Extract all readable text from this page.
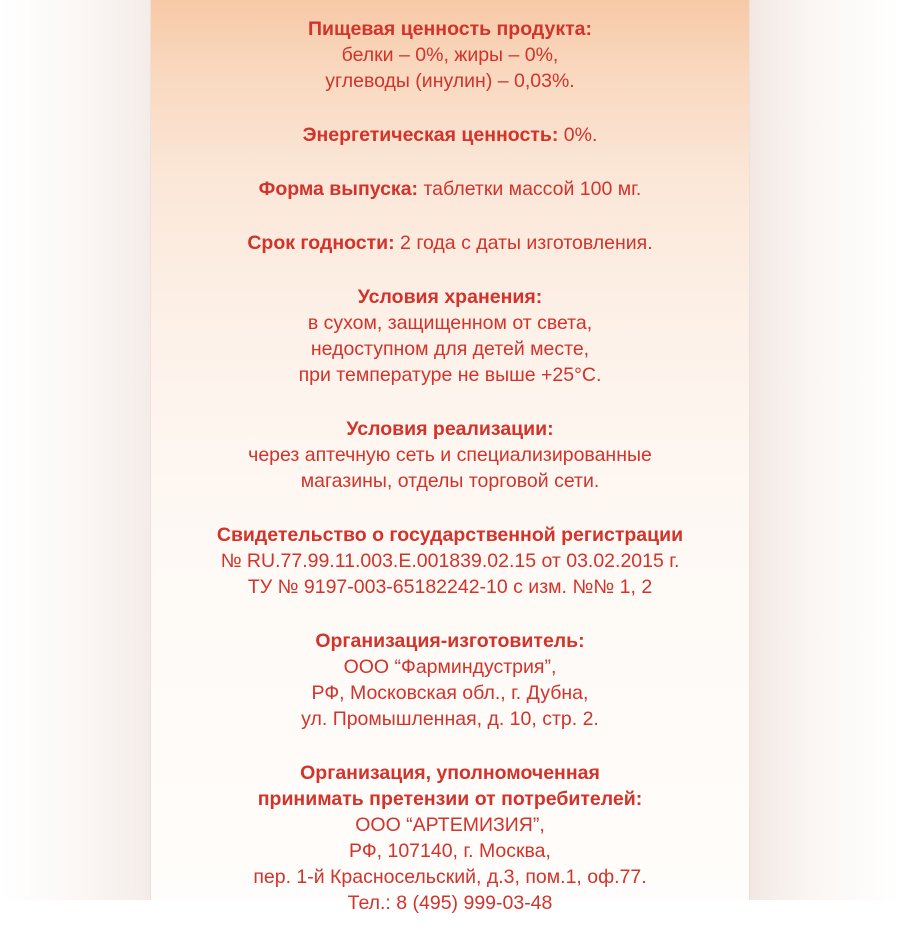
Пищевая ценность продукта:
белки – 0%, жиры – 0%,
углеводы (инулин) – 0,03%.
Энергетическая ценность: 0%.
Форма выпуска: таблетки массой 100 мг.
Срок годности: 2 года с даты изготовления.
Условия хранения:
в сухом, защищенном от света,
недоступном для детей месте,
при температуре не выше +25°С.
Условия реализации:
через аптечную сеть и специализированные
магазины, отделы торговой сети.
Свидетельство о государственной регистрации
№ RU.77.99.11.003.Е.001839.02.15 от 03.02.2015 г.
ТУ № 9197-003-65182242-10 с изм. №№ 1, 2
Организация-изготовитель:
ООО “Фарминдустрия”,
РФ, Московская обл., г. Дубна,
ул. Промышленная, д. 10, стр. 2.
Организация, уполномоченная
принимать претензии от потребителей:
ООО “АРТЕМИЗИЯ”,
РФ, 107140, г. Москва,
пер. 1-й Красносельский, д.3, пом.1, оф.77.
Тел.: 8 (495) 999-03-48
